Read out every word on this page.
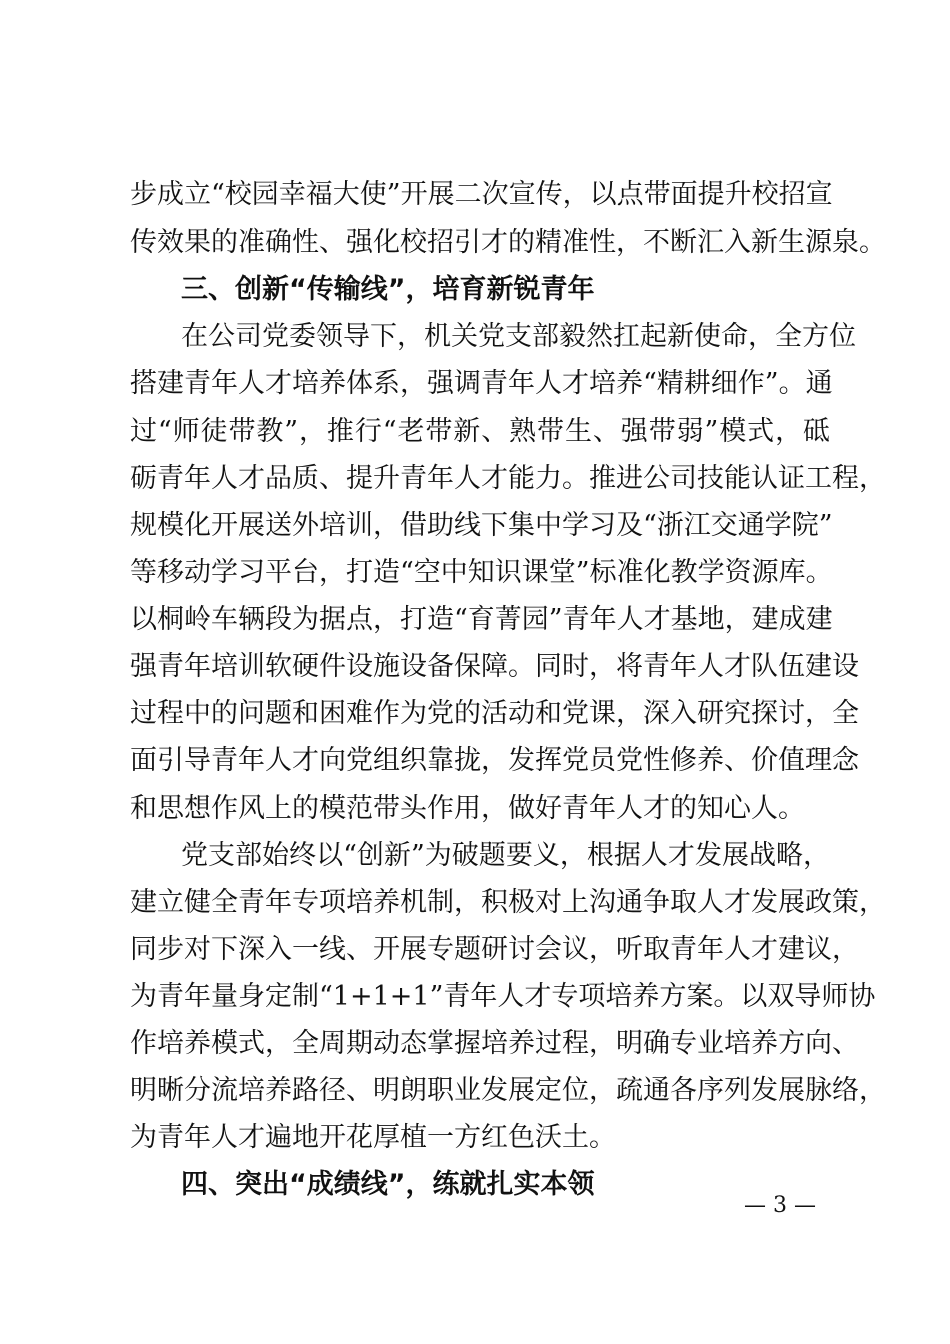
步成立“校园幸福大使”开展二次宣传，以点带面提升校招宣
传效果的准确性、强化校招引才的精准性，不断汇入新生源泉。
三、创新“传输线”，培育新锐青年
在公司党委领导下，机关党支部毅然扛起新使命，全方位
搭建青年人才培养体系，强调青年人才培养“精耕细作”。通
过“师徒带教”，推行“老带新、熟带生、强带弱”模式，砥
砺青年人才品质、提升青年人才能力。推进公司技能认证工程，
规模化开展送外培训，借助线下集中学习及“浙江交通学院”
等移动学习平台，打造“空中知识课堂”标准化教学资源库。
以桐岭车辆段为据点，打造“育菁园”青年人才基地，建成建
强青年培训软硬件设施设备保障。同时，将青年人才队伍建设
过程中的问题和困难作为党的活动和党课，深入研究探讨，全
面引导青年人才向党组织靠拢，发挥党员党性修养、价值理念
和思想作风上的模范带头作用，做好青年人才的知心人。
党支部始终以“创新”为破题要义，根据人才发展战略，
建立健全青年专项培养机制，积极对上沟通争取人才发展政策，
同步对下深入一线、开展专题研讨会议，听取青年人才建议，
为青年量身定制“1+1+1”青年人才专项培养方案。以双导师协
作培养模式，全周期动态掌握培养过程，明确专业培养方向、
明晰分流培养路径、明朗职业发展定位，疏通各序列发展脉络，
为青年人才遍地开花厚植一方红色沃土。
四、突出“成绩线”，练就扎实本领
— 3 —
